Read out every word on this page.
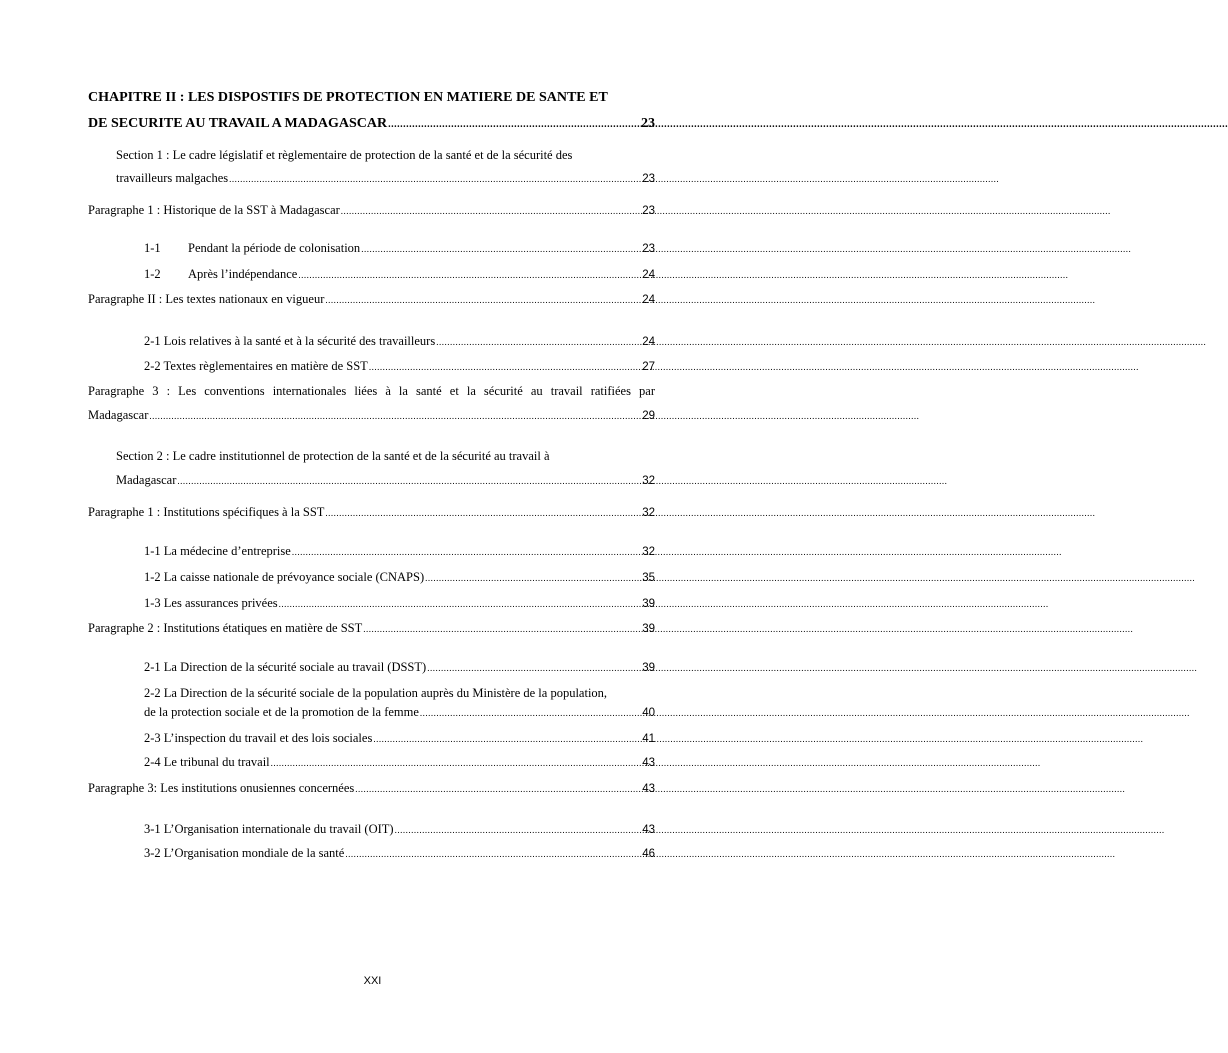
CHAPITRE II : LES DISPOSTIFS DE PROTECTION EN MATIERE DE SANTE ET
DE SECURITE AU TRAVAIL A MADAGASCAR .....	23
Section 1 : Le cadre législatif et règlementaire de protection de la santé et de la sécurité des
travailleurs malgaches .....	23
Paragraphe 1 : Historique de la SST à Madagascar .....	23
1-1 Pendant la période de colonisation .....	23
1-2 Après l’indépendance .....	24
Paragraphe II : Les textes nationaux en vigueur .....	24
2-1 Lois relatives à la santé et à la sécurité des travailleurs .....	24
2-2 Textes règlementaires en matière de SST .....	27
Paragraphe 3 : Les conventions internationales liées à la santé et la sécurité au travail ratifiées par
Madagascar .....	29
Section 2 : Le cadre institutionnel de protection de la santé et de la sécurité au travail à
Madagascar .....	32
Paragraphe 1 : Institutions spécifiques à la SST .....	32
1-1 La médecine d’entreprise .....	32
1-2 La caisse nationale de prévoyance sociale (CNAPS) .....	35
1-3 Les assurances privées .....	39
Paragraphe 2 : Institutions étatiques en matière de SST .....	39
2-1 La Direction de la sécurité sociale au travail (DSST) .....	39
2-2 La Direction de la sécurité sociale de la population auprès du Ministère de la population,
de la protection sociale et de la promotion de la femme .....	40
2-3 L’inspection du travail et des lois sociales .....	41
2-4 Le tribunal du travail .....	43
Paragraphe 3: Les institutions onusiennes concernées .....	43
3-1 L’Organisation internationale du travail (OIT) .....	43
3-2 L’Organisation mondiale de la santé .....	46
XXI
